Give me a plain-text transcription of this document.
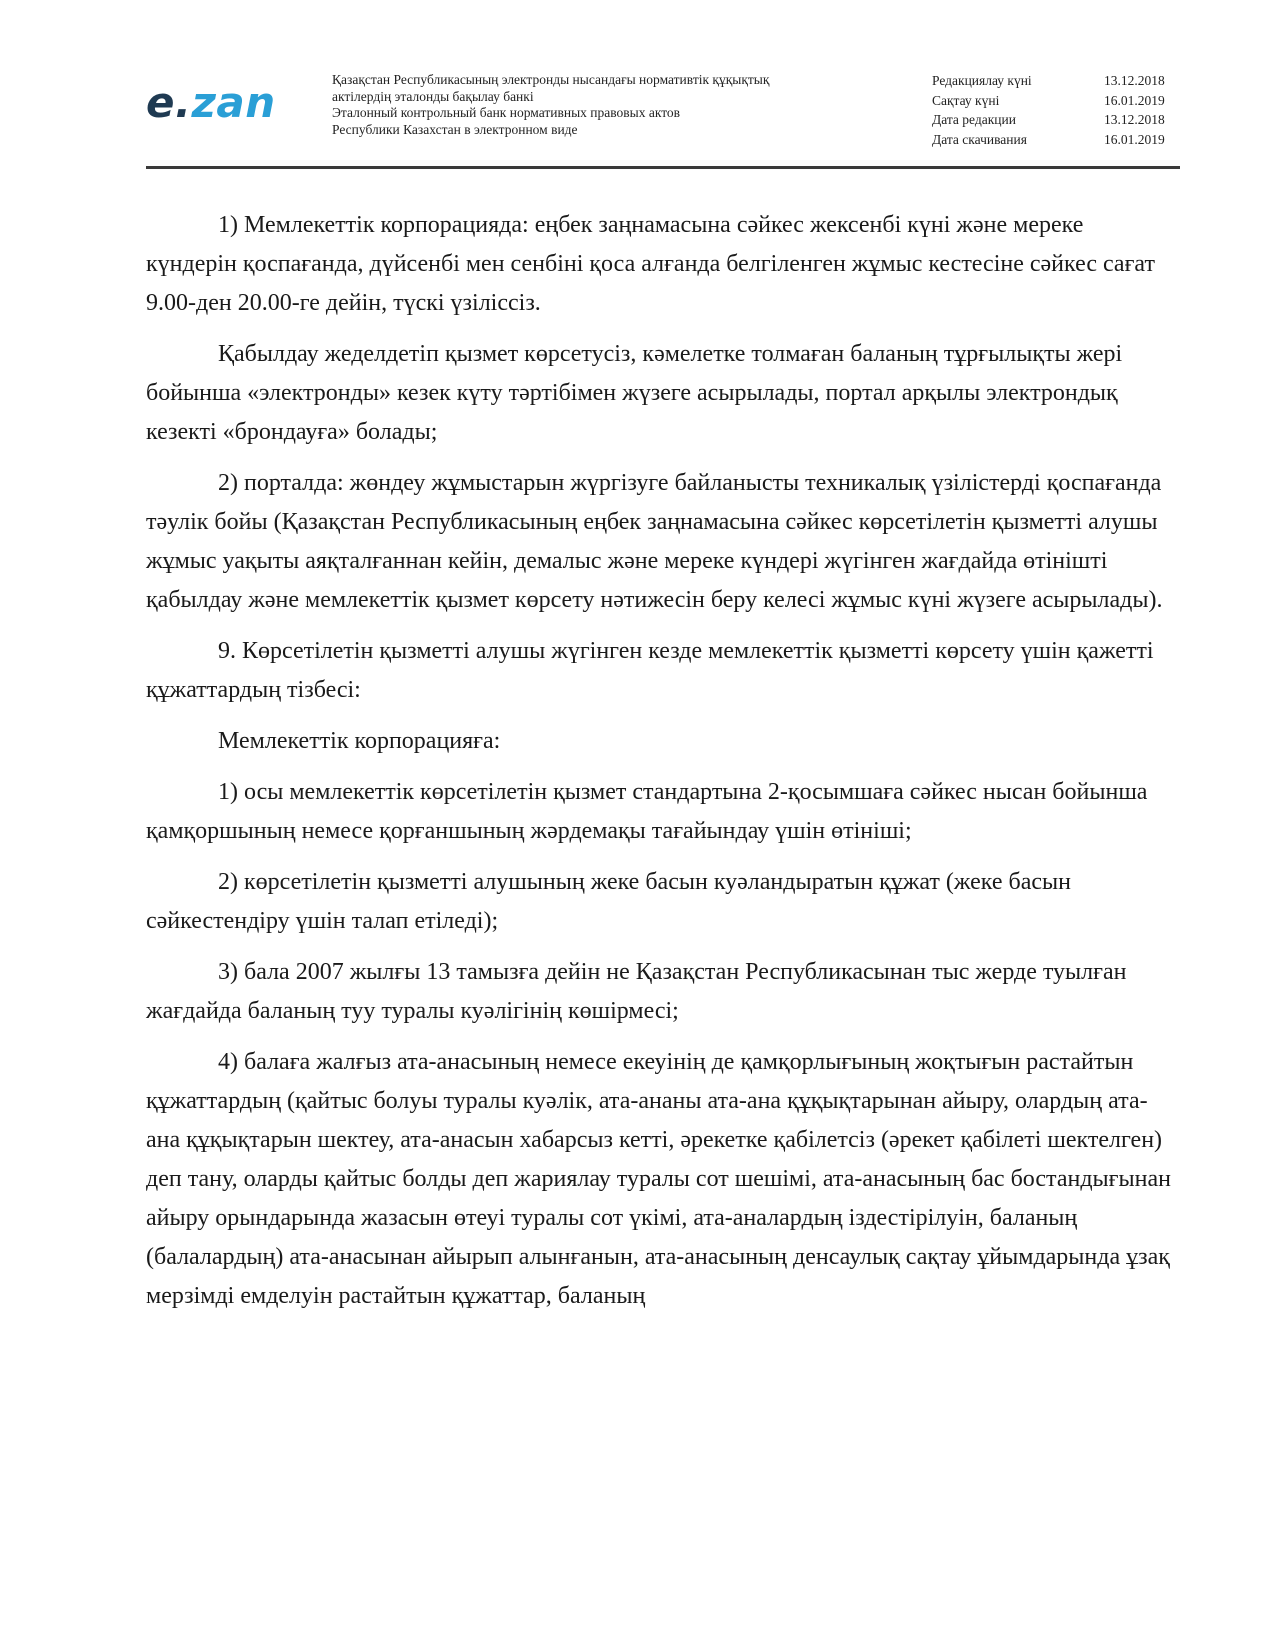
e.zan	Қазақстан Республикасының электронды нысандағы нормативтік құқықтық
актілердің эталонды бақылау банкі
Эталонный контрольный банк нормативных правовых актов
Республики Казахстан в электронном виде
Редакциялау күні	13.12.2018
Сақтау күні	16.01.2019
Дата редакции	13.12.2018
Дата скачивания	16.01.2019

1) Мемлекеттік корпорацияда: еңбек заңнамасына сәйкес жексенбі күні және мереке күндерін қоспағанда, дүйсенбі мен сенбіні қоса алғанда белгіленген жұмыс кестесіне сәйкес сағат 9.00-ден 20.00-ге дейін, түскі үзіліссіз.

Қабылдау жеделдетіп қызмет көрсетусіз, кәмелетке толмаған баланың тұрғылықты жері бойынша «электронды» кезек күту тәртібімен жүзеге асырылады, портал арқылы электрондық кезекті «брондауға» болады;

2) порталда: жөндеу жұмыстарын жүргізуге байланысты техникалық үзілістерді қоспағанда тәулік бойы (Қазақстан Республикасының еңбек заңнамасына сәйкес көрсетілетін қызметті алушы жұмыс уақыты аяқталғаннан кейін, демалыс және мереке күндері жүгінген жағдайда өтінішті қабылдау және мемлекеттік қызмет көрсету нәтижесін беру келесі жұмыс күні жүзеге асырылады).

9. Көрсетілетін қызметті алушы жүгінген кезде мемлекеттік қызметті көрсету үшін қажетті құжаттардың тізбесі:

Мемлекеттік корпорацияға:

1) осы мемлекеттік көрсетілетін қызмет стандартына 2-қосымшаға сәйкес нысан бойынша қамқоршының немесе қорғаншының жәрдемақы тағайындау үшін өтініші;

2) көрсетілетін қызметті алушының жеке басын куәландыратын құжат (жеке басын сәйкестендіру үшін талап етіледі);

3) бала 2007 жылғы 13 тамызға дейін не Қазақстан Республикасынан тыс жерде туылған жағдайда баланың туу туралы куәлігінің көшірмесі;

4) балаға жалғыз ата-анасының немесе екеуінің де қамқорлығының жоқтығын растайтын құжаттардың (қайтыс болуы туралы куәлік, ата-ананы ата-ана құқықтарынан айыру, олардың ата-ана құқықтарын шектеу, ата-анасын хабарсыз кетті, әрекетке қабілетсіз (әрекет қабілеті шектелген) деп тану, оларды қайтыс болды деп жариялау туралы сот шешімі, ата-анасының бас бостандығынан айыру орындарында жазасын өтеуі туралы сот үкімі, ата-аналардың іздестірілуін, баланың (балалардың) ата-анасынан айырып алынғанын, ата-анасының денсаулық сақтау ұйымдарында ұзақ мерзімді емделуін растайтын құжаттар, баланың
